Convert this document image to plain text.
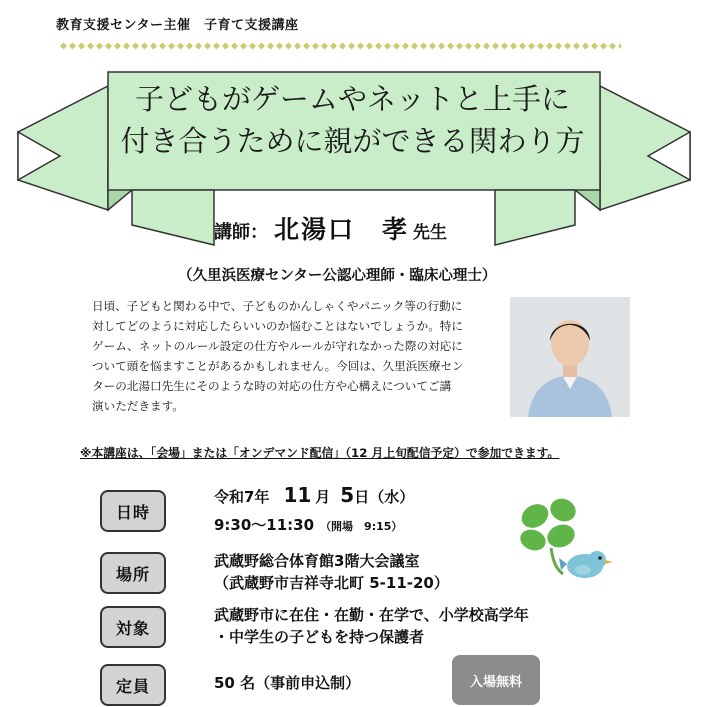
教育支援センター主催　子育て支援講座
子どもがゲームやネットと上手に
付き合うために親ができる関わり方
講師： 北湯口　孝 先生
（久里浜医療センター公認心理師・臨床心理士）
日頃、子どもと関わる中で、子どものかんしゃくやパニック等の行動に
対してどのように対応したらいいのか悩むことはないでしょうか。特に
ゲーム、ネットのルール設定の仕方やルールが守れなかった際の対応に
ついて頭を悩ますことがあるかもしれません。今回は、久里浜医療セン
ターの北湯口先生にそのような時の対応の仕方や心構えについてご講
演いただきます。
※本講座は、「会場」または「オンデマンド配信」（12 月上旬配信予定）で参加できます。
日時
令和7年 11 月 5日（水）
9:30～11:30 （開場　9:15）
場所
武蔵野総合体育館3階大会議室
（武蔵野市吉祥寺北町 5-11-20）
対象
武蔵野市に在住・在勤・在学で、小学校高学年
・中学生の子どもを持つ保護者
定員	50 名（事前申込制）	入場無料
